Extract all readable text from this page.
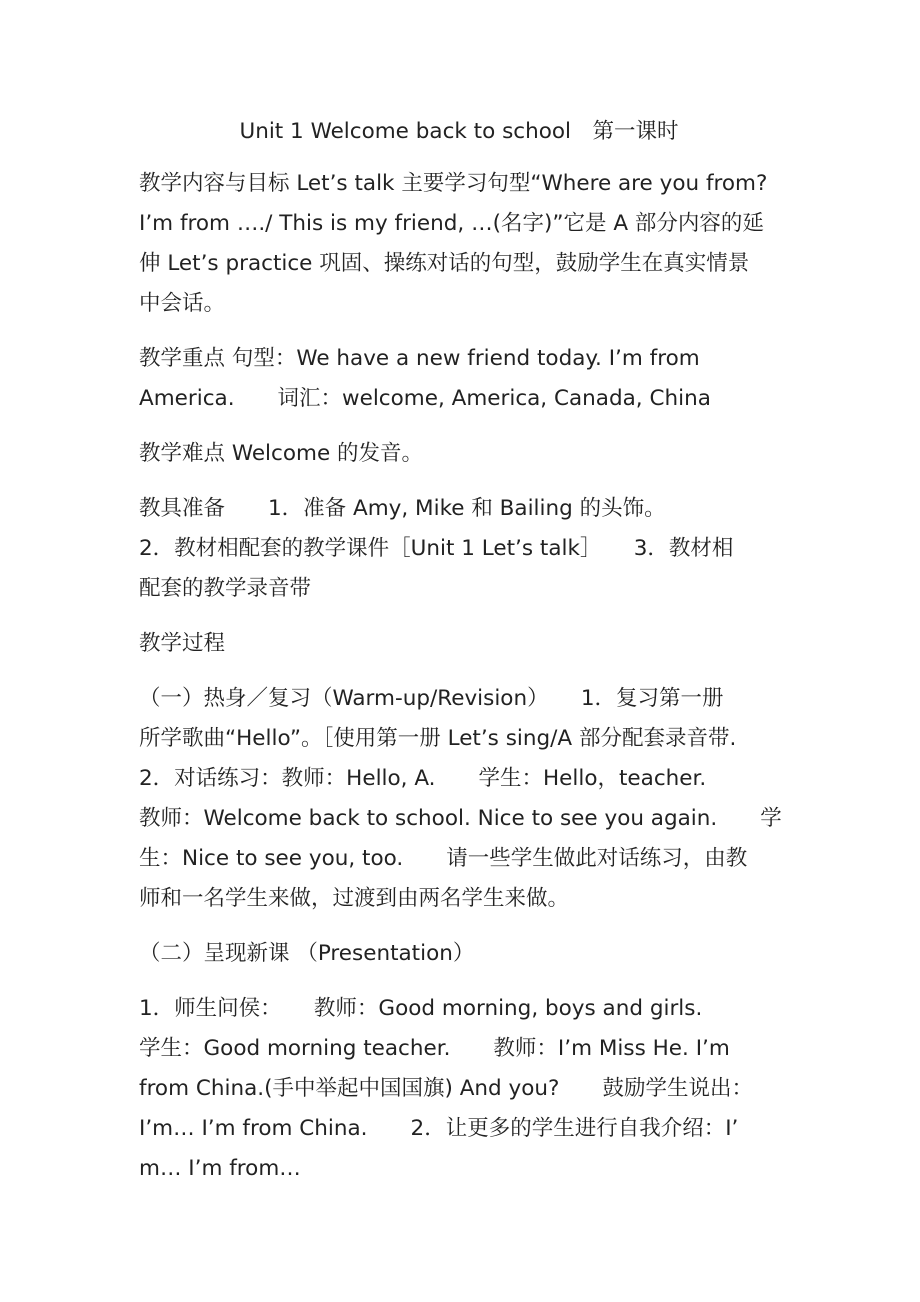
Unit 1 Welcome back to school　第一课时
教学内容与目标 Let’s talk 主要学习句型“Where are you from?
I’m from …./ This is my friend, …(名字)”它是 A 部分内容的延
伸 Let’s practice 巩固、操练对话的句型，鼓励学生在真实情景
中会话。
教学重点 句型：We have a new friend today. I’m from
America.　　词汇：welcome, America, Canada, China
教学难点 Welcome 的发音。
教具准备　　1．准备 Amy, Mike 和 Bailing 的头饰。
2．教材相配套的教学课件［Unit 1 Let’s talk］　　3．教材相
配套的教学录音带
教学过程
（一）热身／复习（Warm-up/Revision）　　1．复习第一册
所学歌曲“Hello”。［使用第一册 Let’s sing/A 部分配套录音带.
2．对话练习：教师：Hello, A.　　学生：Hello，teacher.
教师：Welcome back to school. Nice to see you again.　　学
生：Nice to see you, too.　　请一些学生做此对话练习，由教
师和一名学生来做，过渡到由两名学生来做。
（二）呈现新课 （Presentation）
1．师生问侯：　　教师：Good morning, boys and girls.
学生：Good morning teacher.　　教师：I’m Miss He. I’m
from China.(手中举起中国国旗) And you?　　鼓励学生说出：
I’m… I’m from China.　　2．让更多的学生进行自我介绍：I’
m… I’m from…
